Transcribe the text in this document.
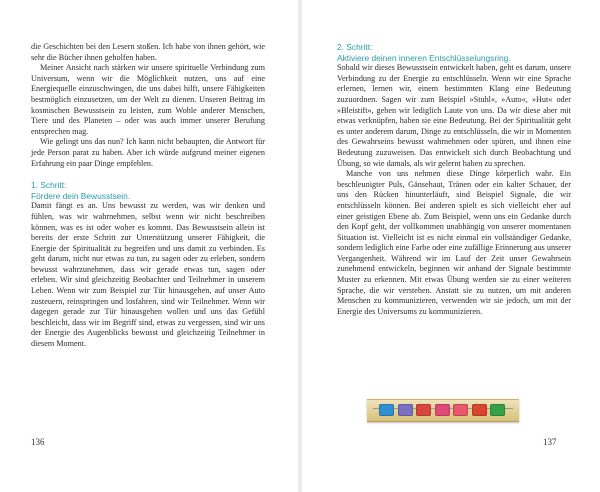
die Geschichten bei den Lesern stoßen. Ich habe von ihnen gehört, wie sehr die Bücher ihnen geholfen haben.

Meiner Ansicht nach stärken wir unsere spirituelle Verbindung zum Universum, wenn wir die Möglichkeit nutzen, uns auf eine Energiequelle einzuschwingen, die uns dabei hilft, unsere Fähigkeiten bestmöglich einzusetzen, um der Welt zu dienen. Unseren Beitrag im kosmischen Bewusstsein zu leisten, zum Wohle anderer Menschen, Tiere und des Planeten – oder was auch immer unserer Berufung entsprechen mag.

Wie gelingt uns das nun? Ich kann nicht behaupten, die Antwort für jede Person parat zu haben. Aber ich würde aufgrund meiner eigenen Erfahrung ein paar Dinge empfehlen.

1. Schritt:
Fördere dein Bewusstsein.

Damit fängt es an. Uns bewusst zu werden, was wir denken und fühlen, was wir wahrnehmen, selbst wenn wir nicht beschreiben können, was es ist oder woher es kommt. Das Bewusstsein allein ist bereits der erste Schritt zur Unterstützung unserer Fähigkeit, die Energie der Spiritualität zu begreifen und uns damit zu verbinden. Es geht darum, nicht nur etwas zu tun, zu sagen oder zu erleben, sondern bewusst wahrzunehmen, dass wir gerade etwas tun, sagen oder erleben. Wir sind gleichzeitig Beobachter und Teilnehmer in unserem Leben. Wenn wir zum Beispiel zur Tür hinausgehen, auf unser Auto zusteuern, reinspringen und losfahren, sind wir Teilnehmer. Wenn wir dagegen gerade zur Tür hinausgehen wollen und uns das Gefühl beschleicht, dass wir im Begriff sind, etwas zu vergessen, sind wir uns der Energie des Augenblicks bewusst und gleichzeitig Teilnehmer in diesem Moment.

2. Schritt:
Aktiviere deinen inneren Entschlüsselungsring.

Sobald wir dieses Bewusstsein entwickelt haben, geht es darum, unsere Verbindung zu der Energie zu entschlüsseln. Wenn wir eine Sprache erlernen, lernen wir, einem bestimmten Klang eine Bedeutung zuzuordnen. Sagen wir zum Beispiel »Stuhl«, »Auto«, »Hut« oder »Bleistift«, geben wir lediglich Laute von uns. Da wir diese aber mit etwas verknüpfen, haben sie eine Bedeutung. Bei der Spiritualität geht es unter anderem darum, Dinge zu entschlüsseln, die wir in Momenten des Gewahrseins bewusst wahrnehmen oder spüren, und ihnen eine Bedeutung zuzuweisen. Das entwickelt sich durch Beobachtung und Übung, so wie damals, als wir gelernt haben zu sprechen.

Manche von uns nehmen diese Dinge körperlich wahr. Ein beschleunigter Puls, Gänsehaut, Tränen oder ein kalter Schauer, der uns den Rücken hinunterläuft, sind Beispiel Signale, die wir entschlüsseln können. Bei anderen spielt es sich vielleicht eher auf einer geistigen Ebene ab. Zum Beispiel, wenn uns ein Gedanke durch den Kopf geht, der vollkommen unabhängig von unserer momentanen Situation ist. Vielleicht ist es nicht einmal ein vollständiger Gedanke, sondern lediglich eine Farbe oder eine zufällige Erinnerung aus unserer Vergangenheit. Während wir im Lauf der Zeit unser Gewahrsein zunehmend entwickeln, beginnen wir anhand der Signale bestimmte Muster zu erkennen. Mit etwas Übung werden sie zu einer weiteren Sprache, die wir verstehen. Anstatt sie zu nutzen, um mit anderen Menschen zu kommunizieren, verwenden wir sie jedoch, um mit der Energie des Universums zu kommunizieren.

136	137
